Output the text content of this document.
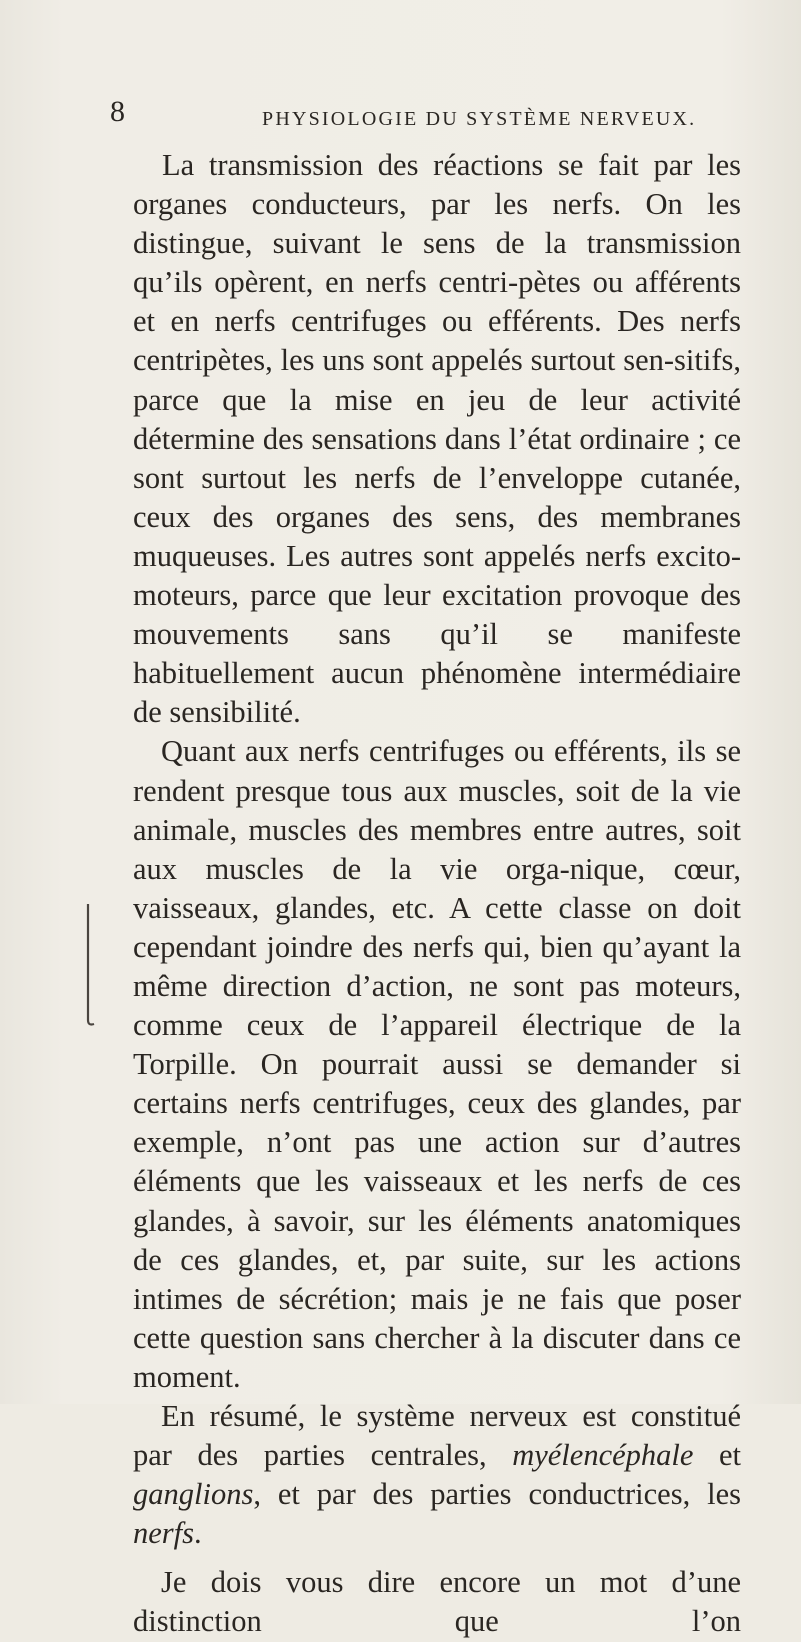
8	PHYSIOLOGIE DU SYSTÈME NERVEUX.

La transmission des réactions se fait par les organes conducteurs, par les nerfs. On les distingue, suivant le sens de la transmission qu’ils opèrent, en nerfs centri-pètes ou afférents et en nerfs centrifuges ou efférents. Des nerfs centripètes, les uns sont appelés surtout sen-sitifs, parce que la mise en jeu de leur activité détermine des sensations dans l’état ordinaire ; ce sont surtout les nerfs de l’enveloppe cutanée, ceux des organes des sens, des membranes muqueuses. Les autres sont appelés nerfs excito-moteurs, parce que leur excitation provoque des mouvements sans qu’il se manifeste habituellement aucun phénomène intermédiaire de sensibilité.

Quant aux nerfs centrifuges ou efférents, ils se rendent presque tous aux muscles, soit de la vie animale, muscles des membres entre autres, soit aux muscles de la vie orga-nique, cœur, vaisseaux, glandes, etc. A cette classe on doit cependant joindre des nerfs qui, bien qu’ayant la même direction d’action, ne sont pas moteurs, comme ceux de l’appareil électrique de la Torpille. On pourrait aussi se demander si certains nerfs centrifuges, ceux des glandes, par exemple, n’ont pas une action sur d’autres éléments que les vaisseaux et les nerfs de ces glandes, à savoir, sur les éléments anatomiques de ces glandes, et, par suite, sur les actions intimes de sécrétion; mais je ne fais que poser cette question sans chercher à la discuter dans ce moment.

En résumé, le système nerveux est constitué par des parties centrales, myélencéphale et ganglions, et par des parties conductrices, les nerfs.

Je dois vous dire encore un mot d’une distinction que l’on
